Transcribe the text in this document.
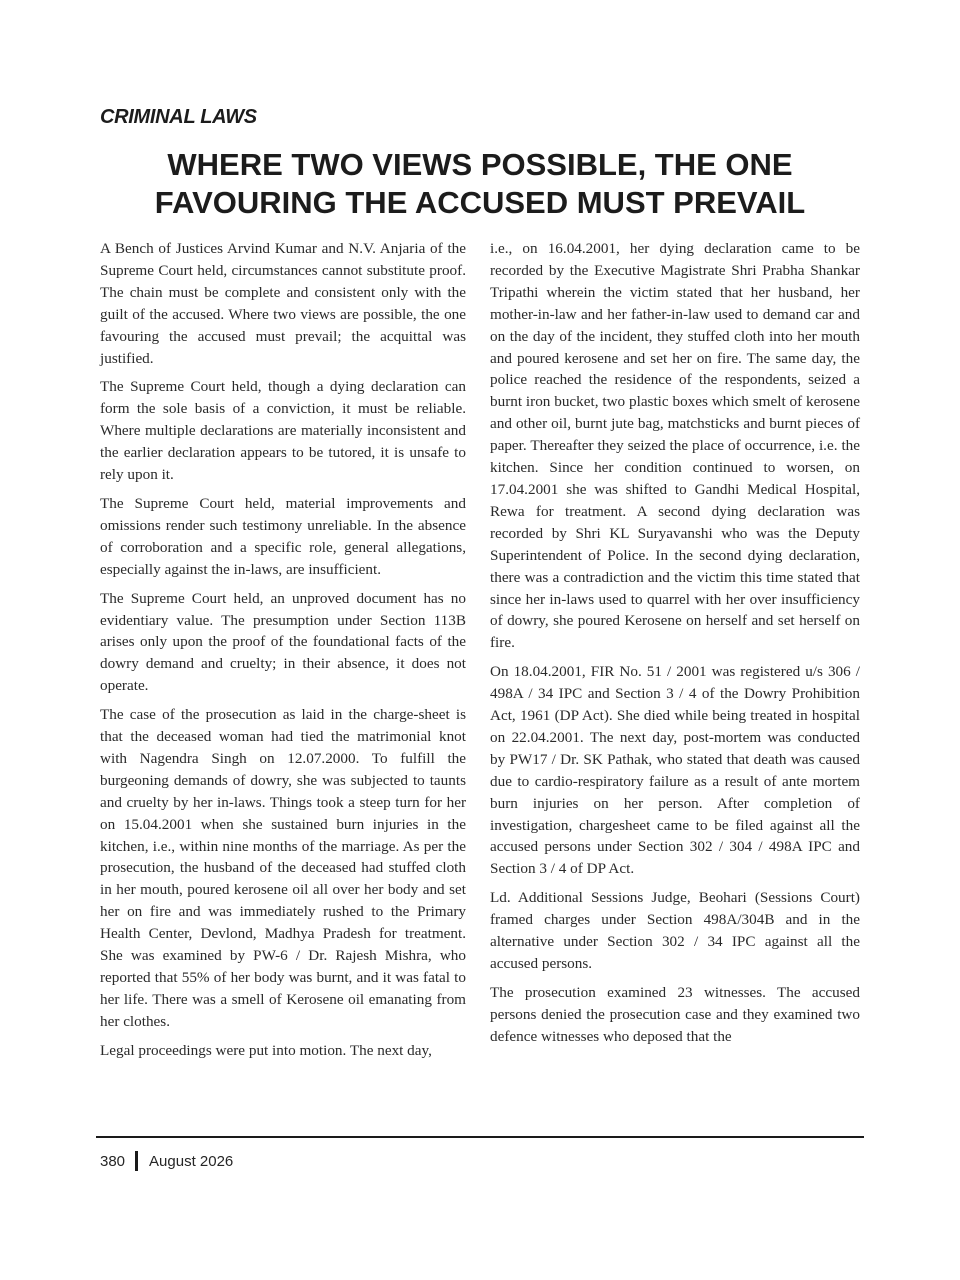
CRIMINAL LAWS
WHERE TWO VIEWS POSSIBLE, THE ONE
FAVOURING THE ACCUSED MUST PREVAIL

A Bench of Justices Arvind Kumar and N.V. Anjaria of the Supreme Court held, circumstances cannot substitute proof. The chain must be complete and consistent only with the guilt of the accused. Where two views are possible, the one favouring the accused must prevail; the acquittal was justified.

The Supreme Court held, though a dying declaration can form the sole basis of a conviction, it must be reliable. Where multiple declarations are materially inconsistent and the earlier declaration appears to be tutored, it is unsafe to rely upon it.

The Supreme Court held, material improvements and omissions render such testimony unreliable. In the absence of corroboration and a specific role, general allegations, especially against the in-laws, are insufficient.

The Supreme Court held, an unproved document has no evidentiary value. The presumption under Section 113B arises only upon the proof of the foundational facts of the dowry demand and cruelty; in their absence, it does not operate.

The case of the prosecution as laid in the charge-sheet is that the deceased woman had tied the matrimonial knot with Nagendra Singh on 12.07.2000. To fulfill the burgeoning demands of dowry, she was subjected to taunts and cruelty by her in-laws. Things took a steep turn for her on 15.04.2001 when she sustained burn injuries in the kitchen, i.e., within nine months of the marriage. As per the prosecution, the husband of the deceased had stuffed cloth in her mouth, poured kerosene oil all over her body and set her on fire and was immediately rushed to the Primary Health Center, Devlond, Madhya Pradesh for treatment. She was examined by PW-6 / Dr. Rajesh Mishra, who reported that 55% of her body was burnt, and it was fatal to her life. There was a smell of Kerosene oil emanating from her clothes.

Legal proceedings were put into motion. The next day,

i.e., on 16.04.2001, her dying declaration came to be recorded by the Executive Magistrate Shri Prabha Shankar Tripathi wherein the victim stated that her husband, her mother-in-law and her father-in-law used to demand car and on the day of the incident, they stuffed cloth into her mouth and poured kerosene and set her on fire. The same day, the police reached the residence of the respondents, seized a burnt iron bucket, two plastic boxes which smelt of kerosene and other oil, burnt jute bag, matchsticks and burnt pieces of paper. Thereafter they seized the place of occurrence, i.e. the kitchen. Since her condition continued to worsen, on 17.04.2001 she was shifted to Gandhi Medical Hospital, Rewa for treatment. A second dying declaration was recorded by Shri KL Suryavanshi who was the Deputy Superintendent of Police. In the second dying declaration, there was a contradiction and the victim this time stated that since her in-laws used to quarrel with her over insufficiency of dowry, she poured Kerosene on herself and set herself on fire.

On 18.04.2001, FIR No. 51 / 2001 was registered u/s 306 / 498A / 34 IPC and Section 3 / 4 of the Dowry Prohibition Act, 1961 (DP Act). She died while being treated in hospital on 22.04.2001. The next day, post-mortem was conducted by PW17 / Dr. SK Pathak, who stated that death was caused due to cardio-respiratory failure as a result of ante mortem burn injuries on her person. After completion of investigation, chargesheet came to be filed against all the accused persons under Section 302 / 304 / 498A IPC and Section 3 / 4 of DP Act.

Ld. Additional Sessions Judge, Beohari (Sessions Court) framed charges under Section 498A/304B and in the alternative under Section 302 / 34 IPC against all the accused persons.

The prosecution examined 23 witnesses. The accused persons denied the prosecution case and they examined two defence witnesses who deposed that the

380 August 2026
